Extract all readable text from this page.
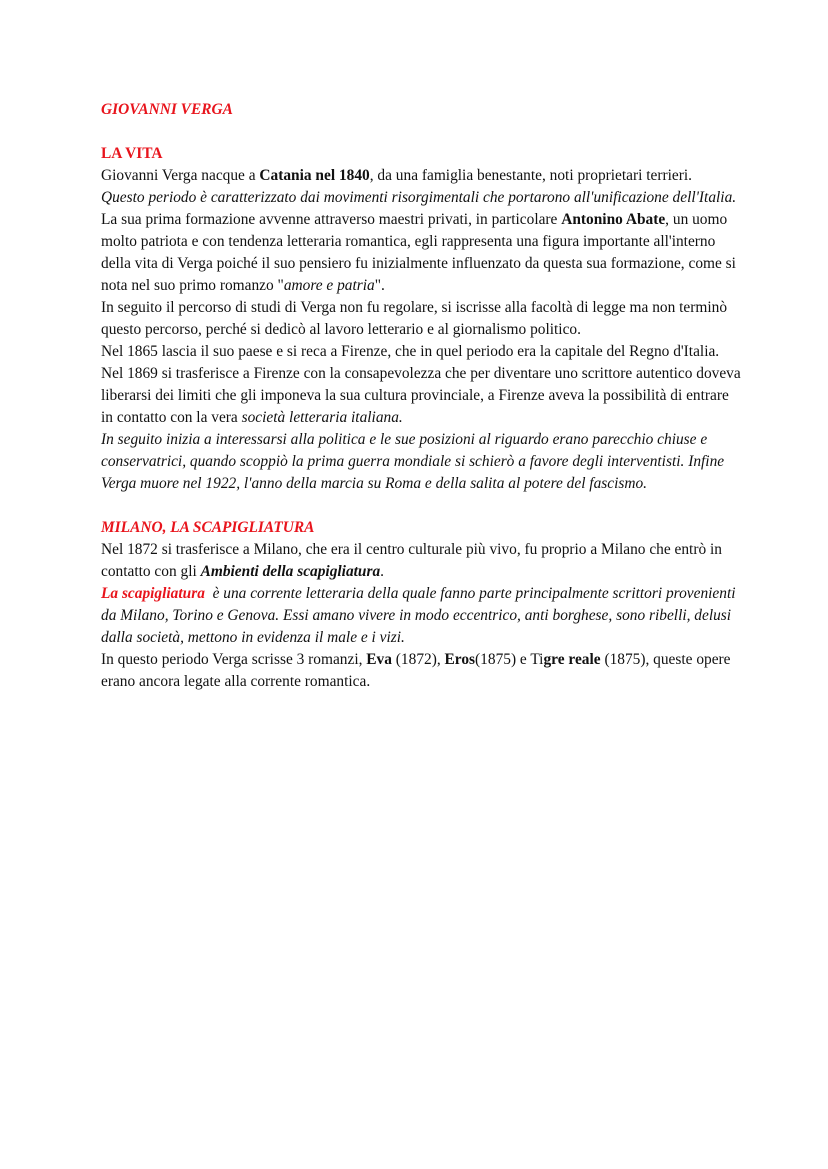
GIOVANNI VERGA

LA VITA

Giovanni Verga nacque a Catania nel 1840, da una famiglia benestante, noti proprietari terrieri.

Questo periodo è caratterizzato dai movimenti risorgimentali che portarono all'unificazione dell'Italia.

La sua prima formazione avvenne attraverso maestri privati, in particolare Antonino Abate, un uomo molto patriota e con tendenza letteraria romantica, egli rappresenta una figura importante all'interno della vita di Verga poiché il suo pensiero fu inizialmente influenzato da questa sua formazione, come si nota nel suo primo romanzo "amore e patria".

In seguito il percorso di studi di Verga non fu regolare, si iscrisse alla facoltà di legge ma non terminò questo percorso, perché si dedicò al lavoro letterario e al giornalismo politico.

Nel 1865 lascia il suo paese e si reca a Firenze, che in quel periodo era la capitale del Regno d'Italia.

Nel 1869 si trasferisce a Firenze con la consapevolezza che per diventare uno scrittore autentico doveva liberarsi dei limiti che gli imponeva la sua cultura provinciale, a Firenze aveva la possibilità di entrare in contatto con la vera società letteraria italiana.

In seguito inizia a interessarsi alla politica e le sue posizioni al riguardo erano parecchio chiuse e conservatrici, quando scoppiò la prima guerra mondiale si schierò a favore degli interventisti. Infine Verga muore nel 1922, l'anno della marcia su Roma e della salita al potere del fascismo.

MILANO, LA SCAPIGLIATURA

Nel 1872 si trasferisce a Milano, che era il centro culturale più vivo, fu proprio a Milano che entrò in contatto con gli Ambienti della scapigliatura.

La scapigliatura  è una corrente letteraria della quale fanno parte principalmente scrittori provenienti da Milano, Torino e Genova. Essi amano vivere in modo eccentrico, anti borghese, sono ribelli, delusi dalla società, mettono in evidenza il male e i vizi.

In questo periodo Verga scrisse 3 romanzi, Eva (1872), Eros(1875) e Tigre reale (1875), queste opere erano ancora legate alla corrente romantica.
